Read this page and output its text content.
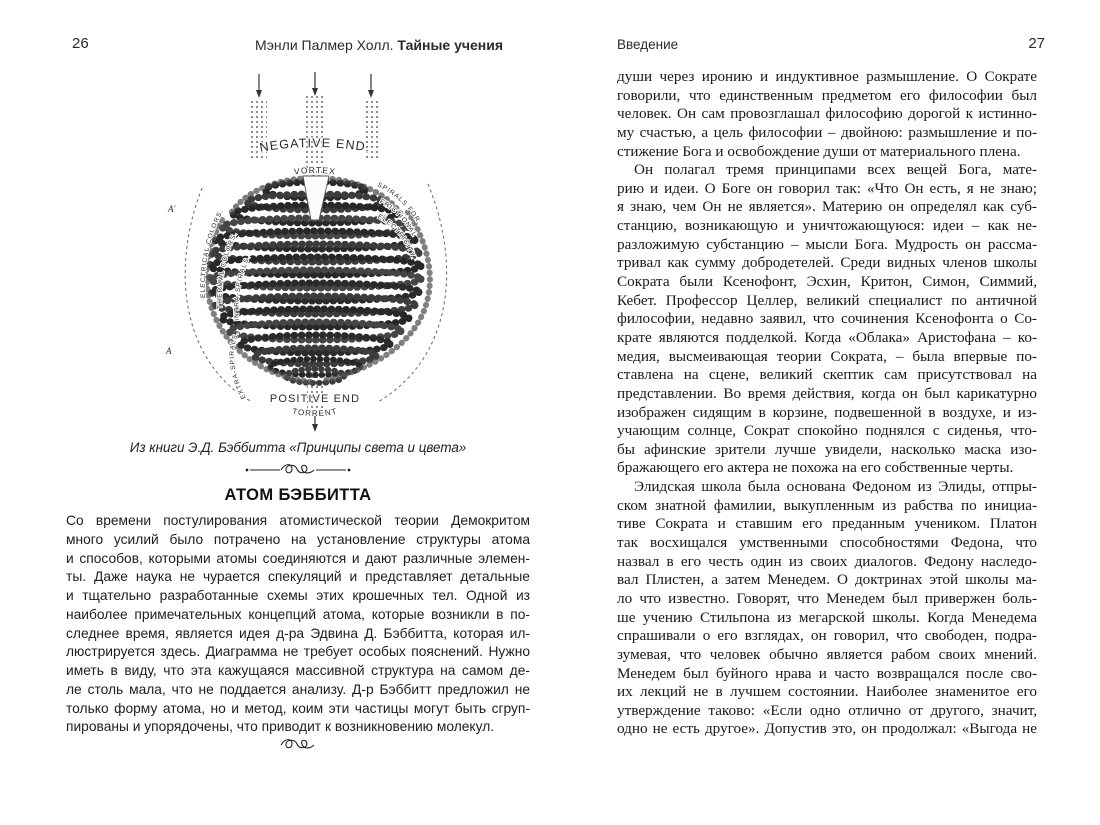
26	Мэнли Палмер Холл. Тайные учения	Введение	27
NEGATIVE END.
VORTEX
ELECTRICAL COLORS.
THERMAL COLORS.
INTRA-SPIRALS.
EXTRA-SPIRALS.
SPIRALS FOR
FRICTIONAL
ELECTRICITY.
A′
A
POSITIVE END
TORRENT
Из книги Э.Д. Бэббитта «Принципы света и цвета»
АТОМ БЭББИТТА
Со времени постулирования атомистической теории Демокритом
много усилий было потрачено на установление структуры атома
и способов, которыми атомы соединяются и дают различные элемен-
ты. Даже наука не чурается спекуляций и представляет детальные
и тщательно разработанные схемы этих крошечных тел. Одной из
наиболее примечательных концепций атома, которые возникли в по-
следнее время, является идея д-ра Эдвина Д. Бэббитта, которая ил-
люстрируется здесь. Диаграмма не требует особых пояснений. Нужно
иметь в виду, что эта кажущаяся массивной структура на самом де-
ле столь мала, что не поддается анализу. Д-р Бэббитт предложил не
только форму атома, но и метод, коим эти частицы могут быть сгруп-
пированы и упорядочены, что приводит к возникновению молекул.
души через иронию и индуктивное размышление. О Сократе
говорили, что единственным предметом его философии был
человек. Он сам провозглашал философию дорогой к истинно-
му счастью, а цель философии – двойною: размышление и по-
стижение Бога и освобождение души от материального плена.
Он полагал тремя принципами всех вещей Бога, мате-
рию и идеи. О Боге он говорил так: «Что Он есть, я не знаю;
я знаю, чем Он не является». Материю он определял как суб-
станцию, возникающую и уничтожающуюся: идеи – как не-
разложимую субстанцию – мысли Бога. Мудрость он рассма-
тривал как сумму добродетелей. Среди видных членов школы
Сократа были Ксенофонт, Эсхин, Критон, Симон, Симмий,
Кебет. Профессор Целлер, великий специалист по античной
философии, недавно заявил, что сочинения Ксенофонта о Со-
крате являются подделкой. Когда «Облака» Аристофана – ко-
медия, высмеивающая теории Сократа, – была впервые по-
ставлена на сцене, великий скептик сам присутствовал на
представлении. Во время действия, когда он был карикатурно
изображен сидящим в корзине, подвешенной в воздухе, и из-
учающим солнце, Сократ спокойно поднялся с сиденья, что-
бы афинские зрители лучше увидели, насколько маска изо-
бражающего его актера не похожа на его собственные черты.
Элидская школа была основана Федоном из Элиды, отпры-
ском знатной фамилии, выкупленным из рабства по инициа-
тиве Сократа и ставшим его преданным учеником. Платон
так восхищался умственными способностями Федона, что
назвал в его честь один из своих диалогов. Федону наследо-
вал Плистен, а затем Менедем. О доктринах этой школы ма-
ло что известно. Говорят, что Менедем был привержен боль-
ше учению Стильпона из мегарской школы. Когда Менедема
спрашивали о его взглядах, он говорил, что свободен, подра-
зумевая, что человек обычно является рабом своих мнений.
Менедем был буйного нрава и часто возвращался после сво-
их лекций не в лучшем состоянии. Наиболее знаменитое его
утверждение таково: «Если одно отлично от другого, значит,
одно не есть другое». Допустив это, он продолжал: «Выгода не
